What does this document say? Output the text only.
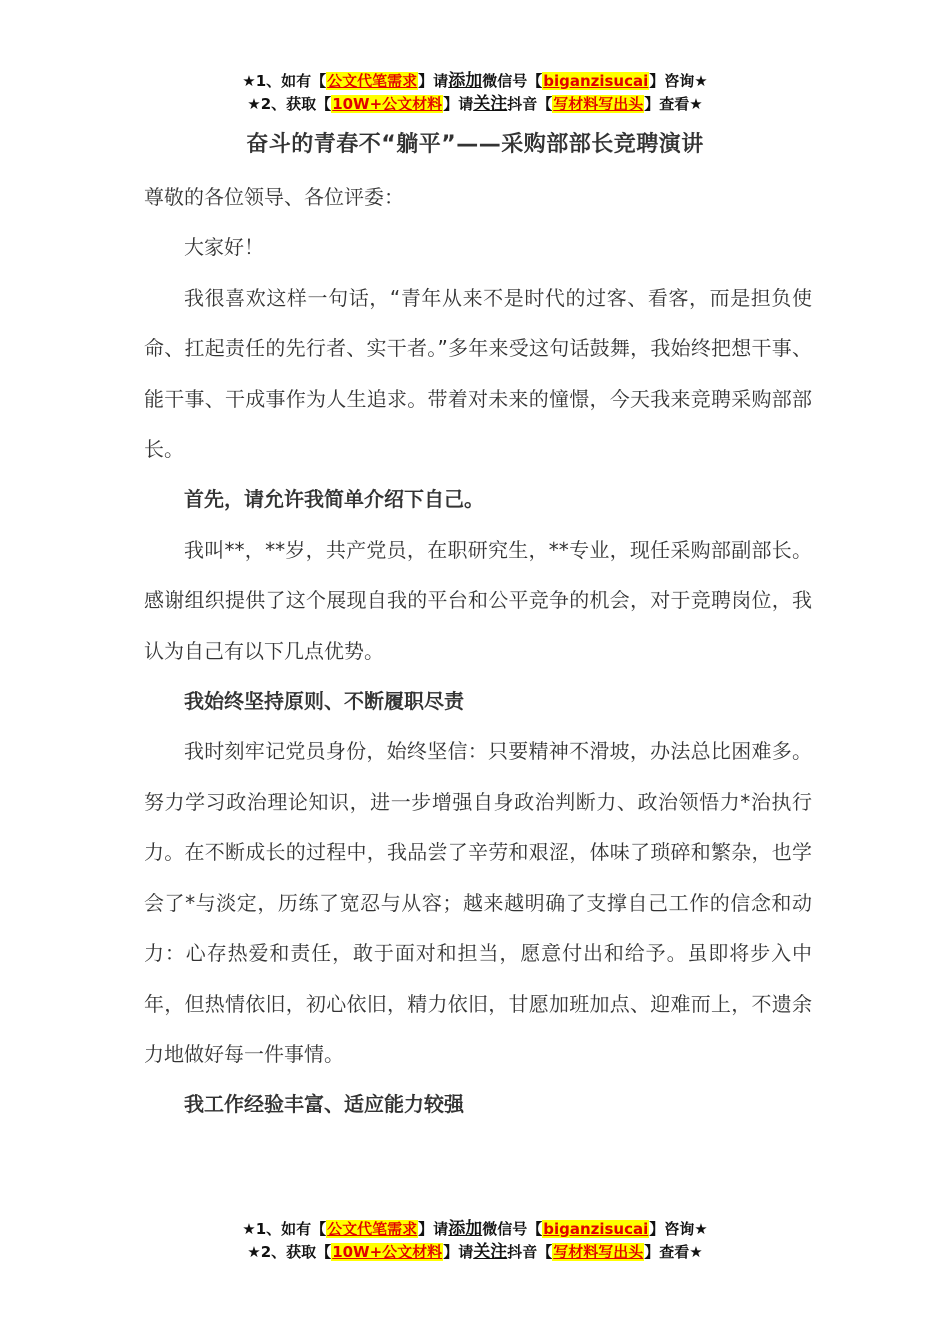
★1、如有【公文代笔需求】请添加微信号【biganzisucai】咨询★
★2、获取【10W+公文材料】请关注抖音【写材料写出头】查看★
奋斗的青春不“躺平”——采购部部长竞聘演讲

尊敬的各位领导、各位评委：

大家好！

我很喜欢这样一句话，“青年从来不是时代的过客、看客，而是担负使命、扛起责任的先行者、实干者。”多年来受这句话鼓舞，我始终把想干事、能干事、干成事作为人生追求。带着对未来的憧憬，今天我来竞聘采购部部长。

首先，请允许我简单介绍下自己。

我叫**，**岁，共产党员，在职研究生，**专业，现任采购部副部长。感谢组织提供了这个展现自我的平台和公平竞争的机会，对于竞聘岗位，我认为自己有以下几点优势。

我始终坚持原则、不断履职尽责

我时刻牢记党员身份，始终坚信：只要精神不滑坡，办法总比困难多。努力学习政治理论知识，进一步增强自身政治判断力、政治领悟力*治执行力。在不断成长的过程中，我品尝了辛劳和艰涩，体味了琐碎和繁杂，也学会了*与淡定，历练了宽忍与从容；越来越明确了支撑自己工作的信念和动力：心存热爱和责任，敢于面对和担当，愿意付出和给予。虽即将步入中年，但热情依旧，初心依旧，精力依旧，甘愿加班加点、迎难而上，不遗余力地做好每一件事情。

我工作经验丰富、适应能力较强

★1、如有【公文代笔需求】请添加微信号【biganzisucai】咨询★
★2、获取【10W+公文材料】请关注抖音【写材料写出头】查看★
